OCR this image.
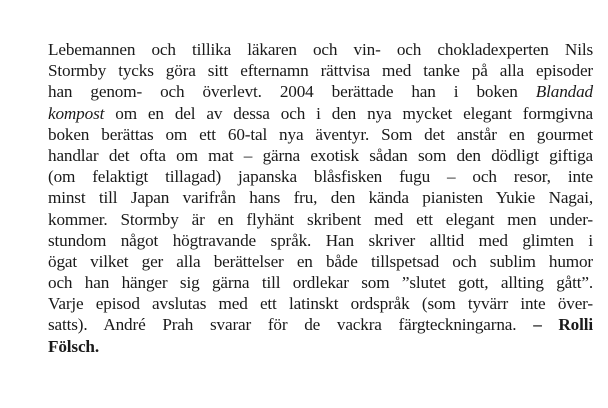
Lebemannen och tillika läkaren och vin- och chokladexperten Nils
Stormby tycks göra sitt efternamn rättvisa med tanke på alla episoder
han genom- och överlevt. 2004 berättade han i boken Blandad
kompost om en del av dessa och i den nya mycket elegant formgivna
boken berättas om ett 60-tal nya äventyr. Som det anstår en gourmet
handlar det ofta om mat – gärna exotisk sådan som den dödligt giftiga
(om felaktigt tillagad) japanska blåsfisken fugu – och resor, inte
minst till Japan varifrån hans fru, den kända pianisten Yukie Nagai,
kommer. Stormby är en flyhänt skribent med ett elegant men under-
stundom något högtravande språk. Han skriver alltid med glimten i
ögat vilket ger alla berättelser en både tillspetsad och sublim humor
och han hänger sig gärna till ordlekar som ”slutet gott, allting gått”.
Varje episod avslutas med ett latinskt ordspråk (som tyvärr inte över-
satts). André Prah svarar för de vackra färgteckningarna. – Rolli
Fölsch.
